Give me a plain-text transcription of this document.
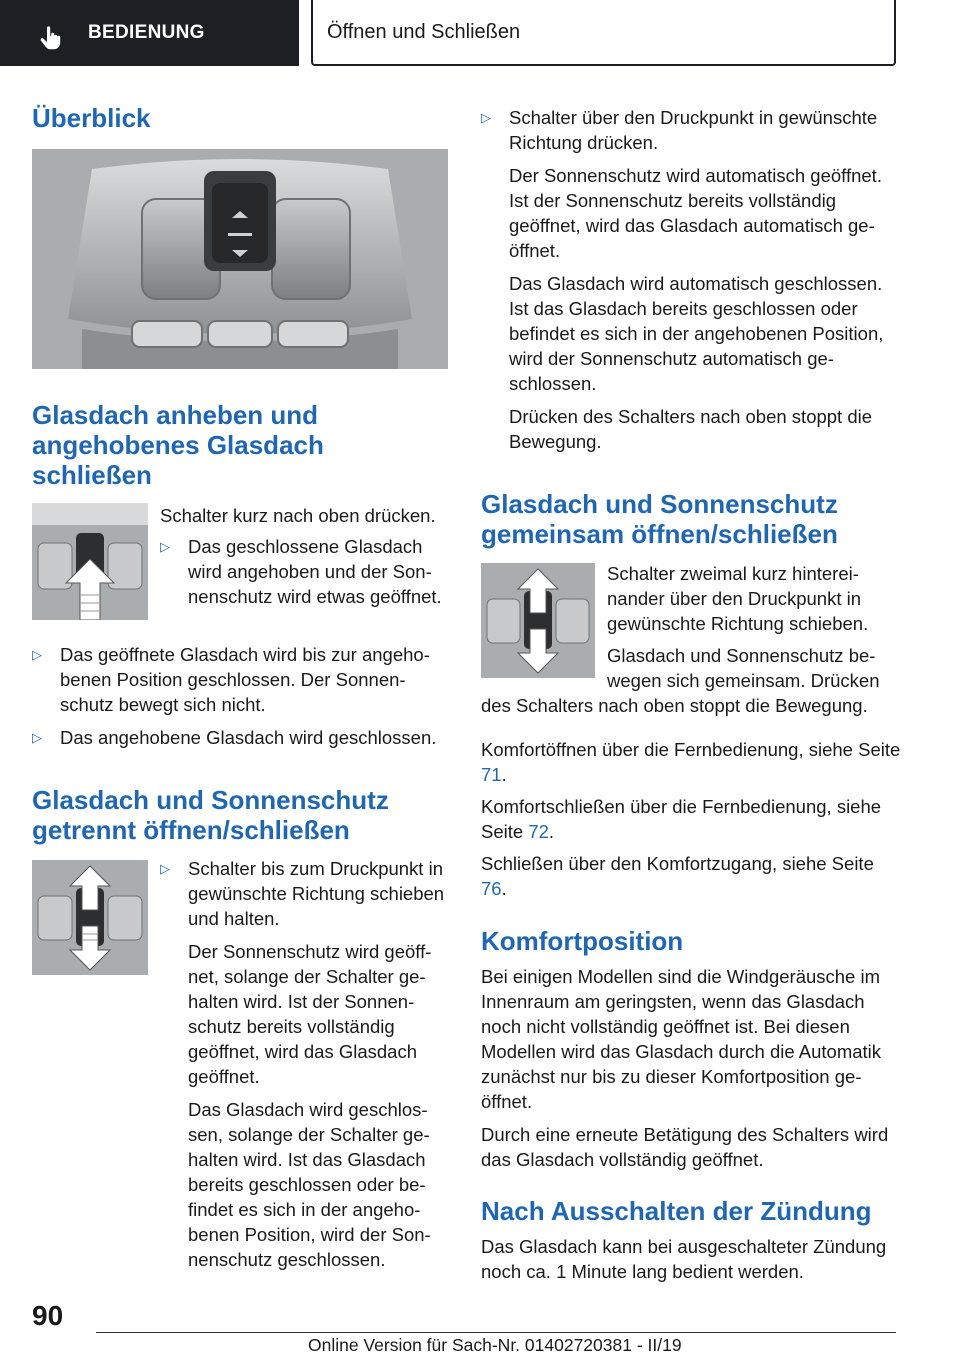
BEDIENUNG	Öffnen und Schließen
Überblick
Glasdach anheben und angehobenes Glasdach schließen

Schalter kurz nach oben drücken.

▷ Das geschlossene Glasdach wird angehoben und der Sonnenschutz wird etwas geöffnet.

▷ Das geöffnete Glasdach wird bis zur angehobenen Position geschlossen. Der Sonnenschutz bewegt sich nicht.

▷ Das angehobene Glasdach wird geschlossen.

Glasdach und Sonnenschutz getrennt öffnen/schließen
▷ Schalter bis zum Druckpunkt in gewünschte Richtung schieben und halten.

Der Sonnenschutz wird geöffnet, solange der Schalter gehalten wird. Ist der Sonnenschutz bereits vollständig geöffnet, wird das Glasdach geöffnet.

Das Glasdach wird geschlossen, solange der Schalter gehalten wird. Ist das Glasdach bereits geschlossen oder befindet es sich in der angehobenen Position, wird der Sonnenschutz geschlossen.

▷ Schalter über den Druckpunkt in gewünschte Richtung drücken.

Der Sonnenschutz wird automatisch geöffnet. Ist der Sonnenschutz bereits vollständig geöffnet, wird das Glasdach automatisch geöffnet.

Das Glasdach wird automatisch geschlossen. Ist das Glasdach bereits geschlossen oder befindet es sich in der angehobenen Position, wird der Sonnenschutz automatisch geschlossen.

Drücken des Schalters nach oben stoppt die Bewegung.

Glasdach und Sonnenschutz gemeinsam öffnen/schließen

Schalter zweimal kurz hintereinander über den Druckpunkt in gewünschte Richtung schieben.

Glasdach und Sonnenschutz bewegen sich gemeinsam. Drücken

des Schalters nach oben stoppt die Bewegung.

Komfortöffnen über die Fernbedienung, siehe Seite 71.

Komfortschließen über die Fernbedienung, siehe Seite 72.

Schließen über den Komfortzugang, siehe Seite 76.

Komfortposition

Bei einigen Modellen sind die Windgeräusche im Innenraum am geringsten, wenn das Glasdach noch nicht vollständig geöffnet ist. Bei diesen Modellen wird das Glasdach durch die Automatik zunächst nur bis zu dieser Komfortposition geöffnet.

Durch eine erneute Betätigung des Schalters wird das Glasdach vollständig geöffnet.

Nach Ausschalten der Zündung

Das Glasdach kann bei ausgeschalteter Zündung noch ca. 1 Minute lang bedient werden.

90
Online Version für Sach-Nr. 01402720381 - II/19
